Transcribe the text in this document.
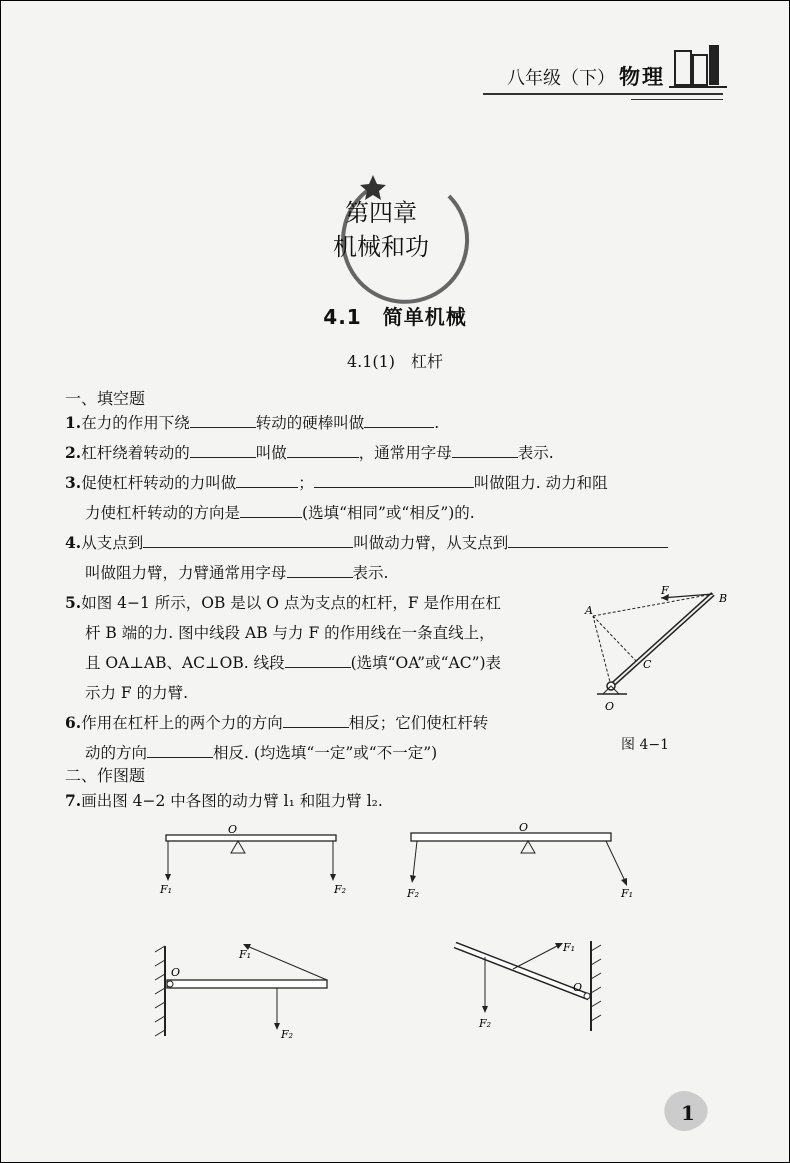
八年级（下） 物理
第四章
机械和功
4.1　简单机械
4.1(1)　杠杆
一、填空题
1.在力的作用下绕	转动的硬棒叫做	.
2.杠杆绕着转动的	叫做	，通常用字母	表示.
3.促使杠杆转动的力叫做	；	叫做阻力. 动力和阻
力使杠杆转动的方向是	(选填“相同”或“相反”)的.
4.从支点到	叫做动力臂，从支点到
叫做阻力臂，力臂通常用字母	表示.
5.如图 4−1 所示，OB 是以 O 点为支点的杠杆，F 是作用在杠
杆 B 端的力. 图中线段 AB 与力 F 的作用线在一条直线上，
且 OA⊥AB、AC⊥OB. 线段	(选填“OA”或“AC”)表
示力 F 的力臂.
6.作用在杠杆上的两个力的方向	相反；它们使杠杆转
动的方向	相反. (均选填“一定”或“不一定”)
A
B
C
O
F
图 4−1
二、作图题
7.画出图 4−2 中各图的动力臂 l₁ 和阻力臂 l₂.
O
F₁	F₂
O
F₂	F₁
O
F₁
F₂
O
F₁
F₂
1
